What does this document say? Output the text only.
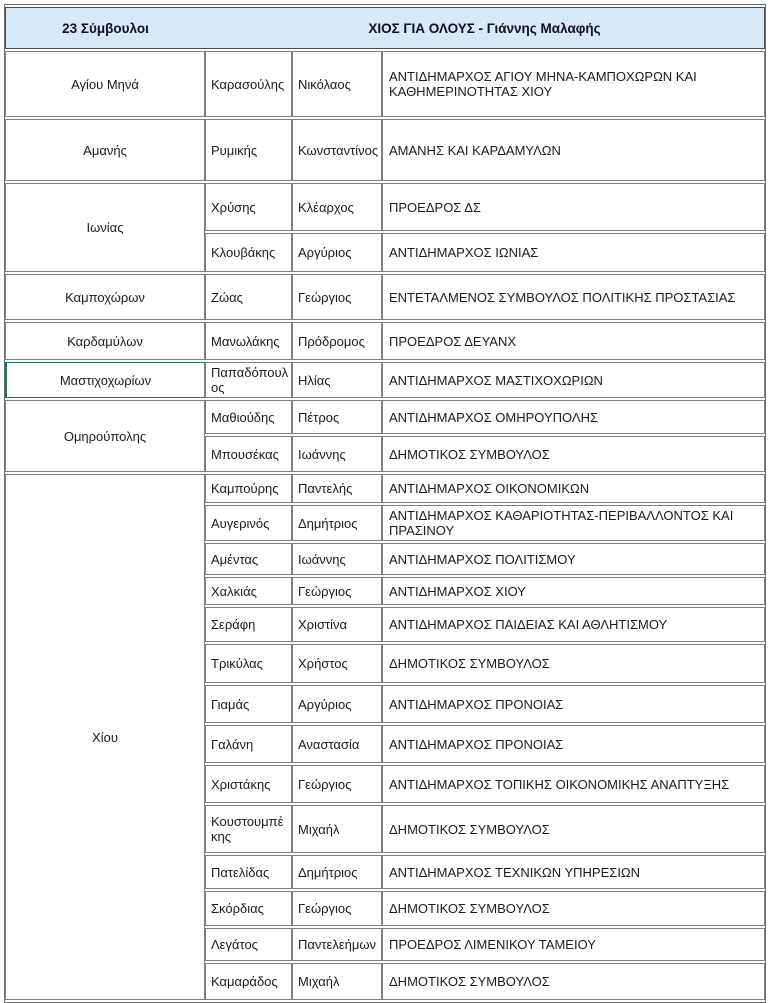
23 Σύμβουλοι	ΧΙΟΣ ΓΙΑ ΟΛΟΥΣ - Γιάννης Μαλαφής		
Αγίου Μηνά	Καρασούλης	Νικόλαος	ΑΝΤΙΔΗΜΑΡΧΟΣ ΑΓΙΟΥ ΜΗΝΑ-ΚΑΜΠΟΧΩΡΩΝ ΚΑΙ ΚΑΘΗΜΕΡΙΝΟΤΗΤΑΣ ΧΙΟΥ
Αμανής	Ρυμικής	Κωνσταντίνος	ΑΜΑΝΗΣ ΚΑΙ ΚΑΡΔΑΜΥΛΩΝ
Ιωνίας	Χρύσης	Κλέαρχος	ΠΡΟΕΔΡΟΣ ΔΣ
	Κλουβάκης	Αργύριος	ΑΝΤΙΔΗΜΑΡΧΟΣ ΙΩΝΙΑΣ
Καμποχώρων	Ζώας	Γεώργιος	ΕΝΤΕΤΑΛΜΕΝΟΣ ΣΥΜΒΟΥΛΟΣ ΠΟΛΙΤΙΚΗΣ ΠΡΟΣΤΑΣΙΑΣ
Καρδαμύλων	Μανωλάκης	Πρόδρομος	ΠΡΟΕΔΡΟΣ ΔΕΥΑΝΧ
Μαστιχοχωρίων	Παπαδόπουλος	Ηλίας	ΑΝΤΙΔΗΜΑΡΧΟΣ ΜΑΣΤΙΧΟΧΩΡΙΩΝ
Ομηρούπολης	Μαθιούδης	Πέτρος	ΑΝΤΙΔΗΜΑΡΧΟΣ ΟΜΗΡΟΥΠΟΛΗΣ
	Μπουσέκας	Ιωάννης	ΔΗΜΟΤΙΚΟΣ ΣΥΜΒΟΥΛΟΣ
Χίου	Καμπούρης	Παντελής	ΑΝΤΙΔΗΜΑΡΧΟΣ ΟΙΚΟΝΟΜΙΚΩΝ
	Αυγερινός	Δημήτριος	ΑΝΤΙΔΗΜΑΡΧΟΣ ΚΑΘΑΡΙΟΤΗΤΑΣ-ΠΕΡΙΒΑΛΛΟΝΤΟΣ ΚΑΙ ΠΡΑΣΙΝΟΥ
	Αμέντας	Ιωάννης	ΑΝΤΙΔΗΜΑΡΧΟΣ ΠΟΛΙΤΙΣΜΟΥ
	Χαλκιάς	Γεώργιος	ΑΝΤΙΔΗΜΑΡΧΟΣ ΧΙΟΥ
	Σεράφη	Χριστίνα	ΑΝΤΙΔΗΜΑΡΧΟΣ ΠΑΙΔΕΙΑΣ ΚΑΙ ΑΘΛΗΤΙΣΜΟΥ
	Τρικύλας	Χρήστος	ΔΗΜΟΤΙΚΟΣ ΣΥΜΒΟΥΛΟΣ
	Γιαμάς	Αργύριος	ΑΝΤΙΔΗΜΑΡΧΟΣ ΠΡΟΝΟΙΑΣ
	Γαλάνη	Αναστασία	ΑΝΤΙΔΗΜΑΡΧΟΣ ΠΡΟΝΟΙΑΣ
	Χριστάκης	Γεώργιος	ΑΝΤΙΔΗΜΑΡΧΟΣ ΤΟΠΙΚΗΣ ΟΙΚΟΝΟΜΙΚΗΣ ΑΝΑΠΤΥΞΗΣ
	Κουστουμπέκης	Μιχαήλ	ΔΗΜΟΤΙΚΟΣ ΣΥΜΒΟΥΛΟΣ
	Πατελίδας	Δημήτριος	ΑΝΤΙΔΗΜΑΡΧΟΣ ΤΕΧΝΙΚΩΝ ΥΠΗΡΕΣΙΩΝ
	Σκόρδιας	Γεώργιος	ΔΗΜΟΤΙΚΟΣ ΣΥΜΒΟΥΛΟΣ
	Λεγάτος	Παντελεήμων	ΠΡΟΕΔΡΟΣ ΛΙΜΕΝΙΚΟΥ ΤΑΜΕΙΟΥ
	Καμαράδος	Μιχαήλ	ΔΗΜΟΤΙΚΟΣ ΣΥΜΒΟΥΛΟΣ
